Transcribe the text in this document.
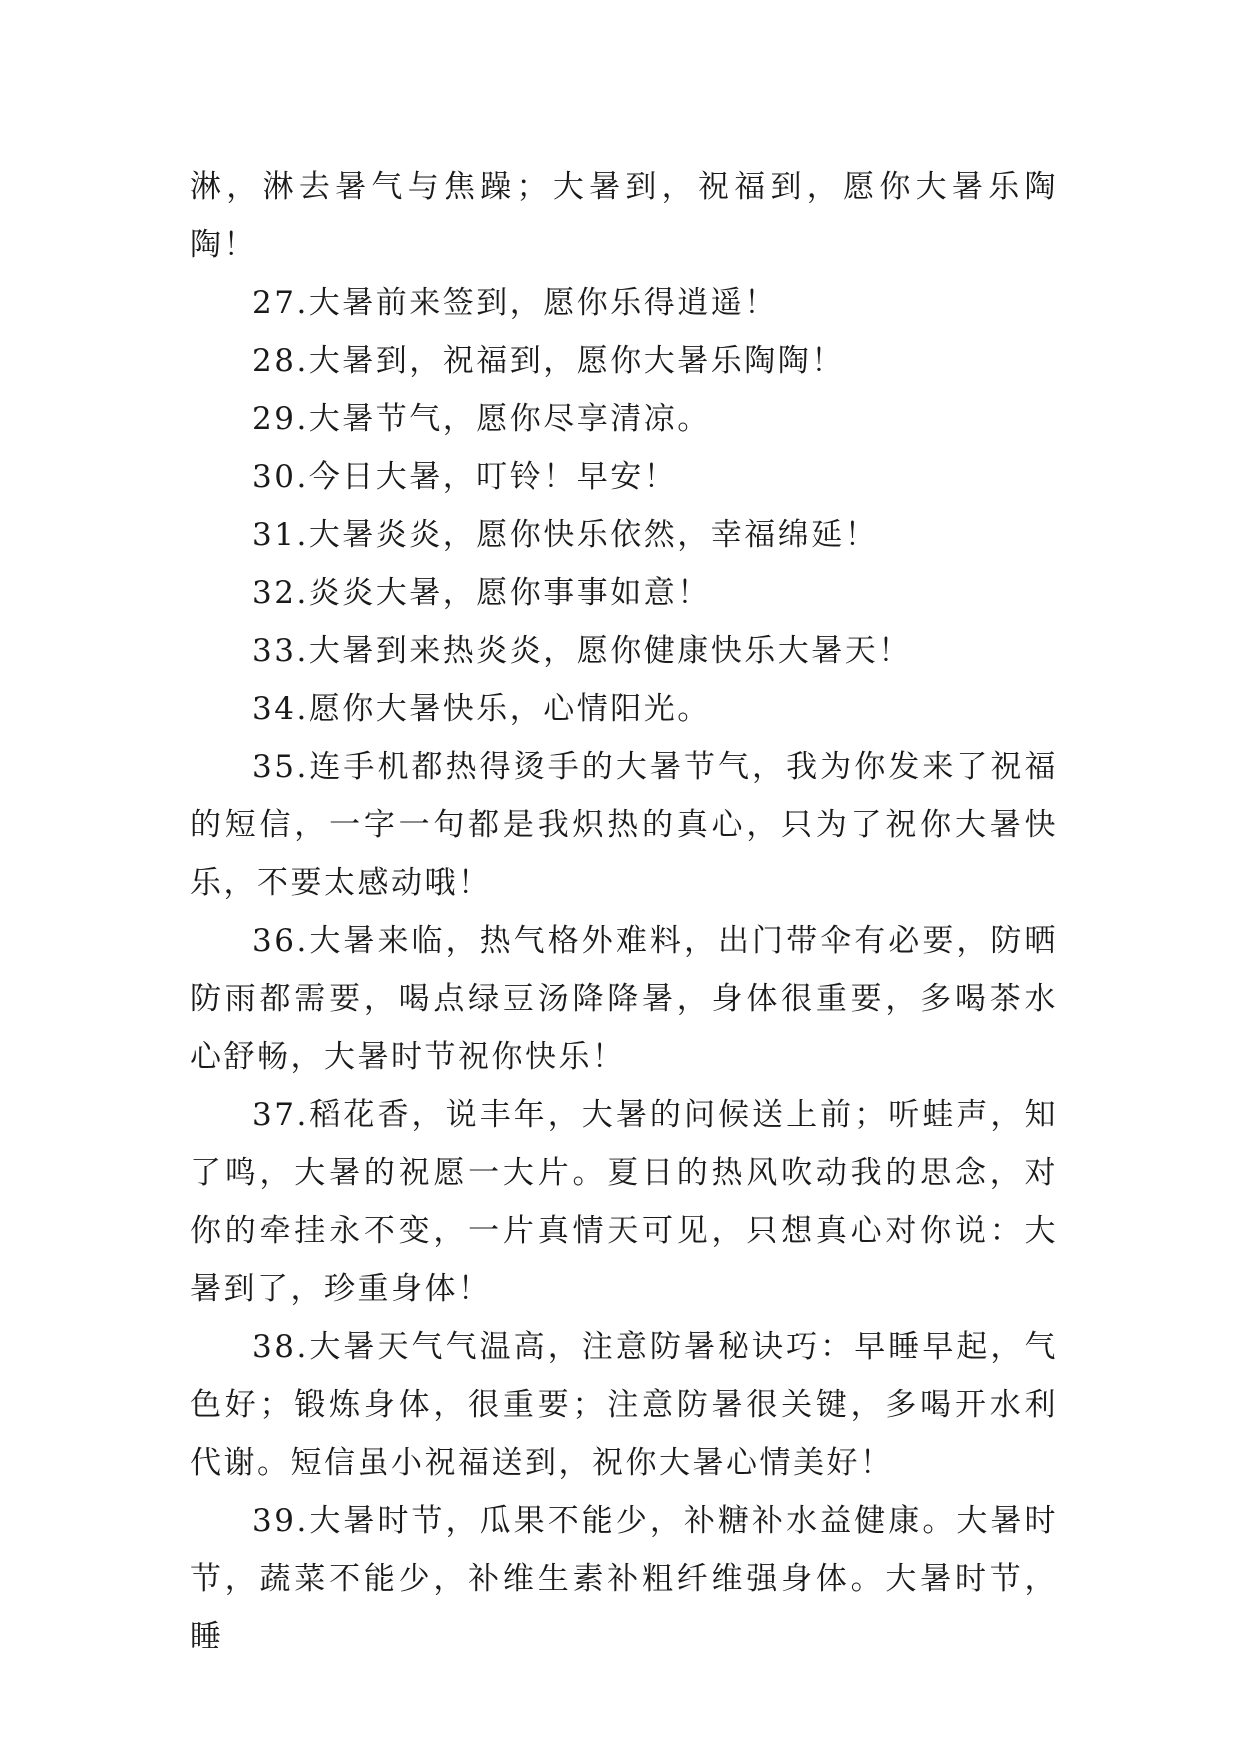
淋，淋去暑气与焦躁；大暑到，祝福到，愿你大暑乐陶陶！

27.大暑前来签到，愿你乐得逍遥！

28.大暑到，祝福到，愿你大暑乐陶陶！

29.大暑节气，愿你尽享清凉。

30.今日大暑，叮铃！早安！

31.大暑炎炎，愿你快乐依然，幸福绵延！

32.炎炎大暑，愿你事事如意！

33.大暑到来热炎炎，愿你健康快乐大暑天！

34.愿你大暑快乐，心情阳光。

35.连手机都热得烫手的大暑节气，我为你发来了祝福的短信，一字一句都是我炽热的真心，只为了祝你大暑快乐，不要太感动哦！

36.大暑来临，热气格外难料，出门带伞有必要，防晒防雨都需要，喝点绿豆汤降降暑，身体很重要，多喝茶水心舒畅，大暑时节祝你快乐！

37.稻花香，说丰年，大暑的问候送上前；听蛙声，知了鸣，大暑的祝愿一大片。夏日的热风吹动我的思念，对你的牵挂永不变，一片真情天可见，只想真心对你说：大暑到了，珍重身体！

38.大暑天气气温高，注意防暑秘诀巧：早睡早起，气色好；锻炼身体，很重要；注意防暑很关键，多喝开水利代谢。短信虽小祝福送到，祝你大暑心情美好！

39.大暑时节，瓜果不能少，补糖补水益健康。大暑时节，蔬菜不能少，补维生素补粗纤维强身体。大暑时节，睡
